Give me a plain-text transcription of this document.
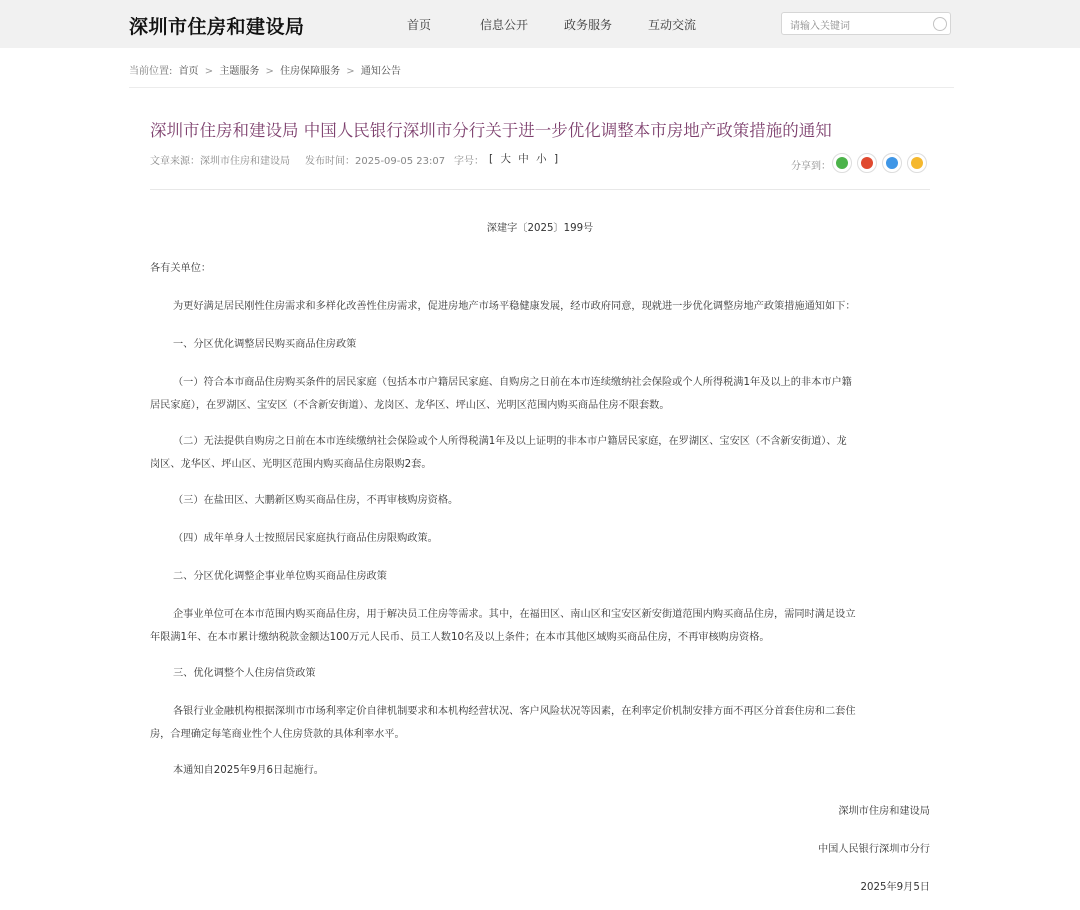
深圳市住房和建设局	首页	信息公开	政务服务	互动交流	请输入关键词
当前位置: 首页 > 主题服务 > 住房保障服务 > 通知公告
深圳市住房和建设局 中国人民银行深圳市分行关于进一步优化调整本市房地产政策措施的通知
文章来源：深圳市住房和建设局 发布时间：2025-09-05 23:07 字号： [ 大 中 小 ]
分享到：
深建字〔2025〕199号
各有关单位：
为更好满足居民刚性住房需求和多样化改善性住房需求，促进房地产市场平稳健康发展，经市政府同意，现就进一步优化调整房地产政策措施通知如下：
一、分区优化调整居民购买商品住房政策
（一）符合本市商品住房购买条件的居民家庭（包括本市户籍居民家庭、自购房之日前在本市连续缴纳社会保险或个人所得税满1年及以上的非本市户籍
居民家庭），在罗湖区、宝安区（不含新安街道）、龙岗区、龙华区、坪山区、光明区范围内购买商品住房不限套数。
（二）无法提供自购房之日前在本市连续缴纳社会保险或个人所得税满1年及以上证明的非本市户籍居民家庭，在罗湖区、宝安区（不含新安街道）、龙
岗区、龙华区、坪山区、光明区范围内购买商品住房限购2套。
（三）在盐田区、大鹏新区购买商品住房，不再审核购房资格。
（四）成年单身人士按照居民家庭执行商品住房限购政策。
二、分区优化调整企事业单位购买商品住房政策
企事业单位可在本市范围内购买商品住房，用于解决员工住房等需求。其中，在福田区、南山区和宝安区新安街道范围内购买商品住房，需同时满足设立
年限满1年、在本市累计缴纳税款金额达100万元人民币、员工人数10名及以上条件；在本市其他区域购买商品住房，不再审核购房资格。
三、优化调整个人住房信贷政策
各银行业金融机构根据深圳市市场利率定价自律机制要求和本机构经营状况、客户风险状况等因素，在利率定价机制安排方面不再区分首套住房和二套住
房，合理确定每笔商业性个人住房贷款的具体利率水平。
本通知自2025年9月6日起施行。
深圳市住房和建设局
中国人民银行深圳市分行
2025年9月5日
